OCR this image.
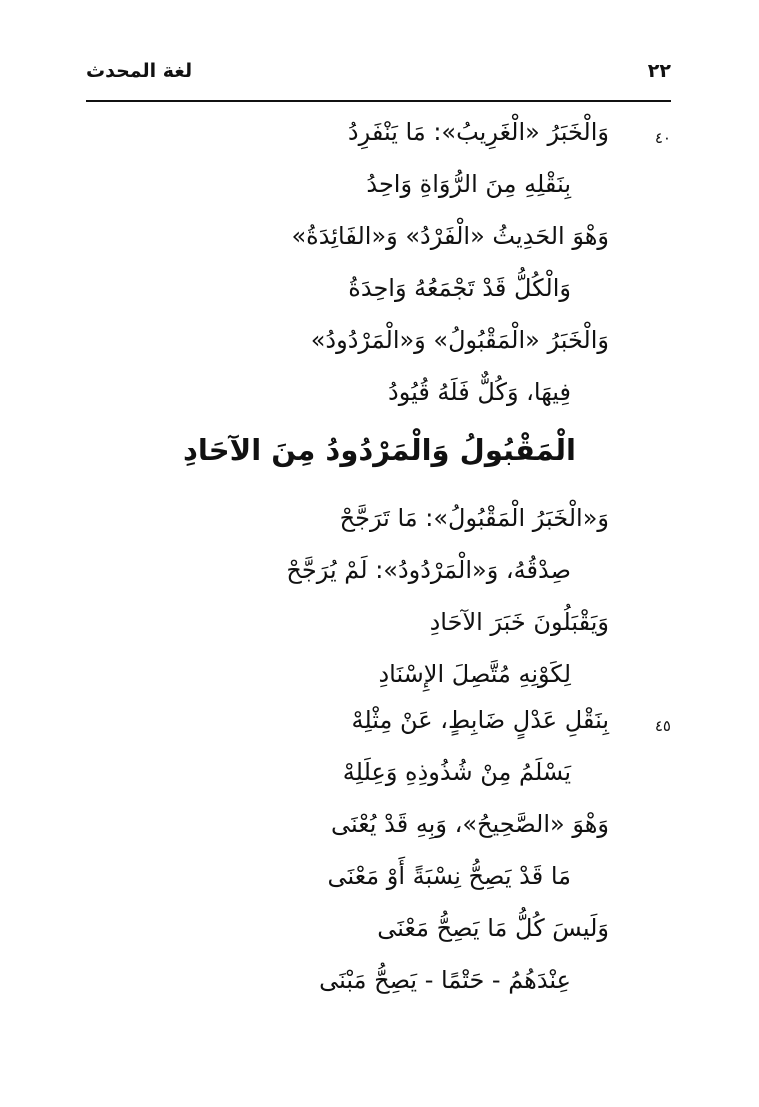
لغة المحدث	٢٢
٤٠
وَالْخَبَرُ «الْغَرِيبُ»: مَا يَنْفَرِدُ
بِنَقْلِهِ مِنَ الرُّوَاةِ وَاحِدُ
وَهْوَ الحَدِيثُ «الْفَرْدُ» وَ«الفَائِدَةُ»
وَالْكُلُّ قَدْ تَجْمَعُهُ وَاحِدَةُ
وَالْخَبَرُ «الْمَقْبُولُ» وَ«الْمَرْدُودُ»
فِيهَا، وَكُلٌّ فَلَهُ قُيُودُ
الْمَقْبُولُ وَالْمَرْدُودُ مِنَ الآحَادِ
وَ«الْخَبَرُ الْمَقْبُولُ»: مَا تَرَجَّحْ
صِدْقُهُ، وَ«الْمَرْدُودُ»: لَمْ يُرَجَّحْ
وَيَقْبَلُونَ خَبَرَ الآحَادِ
لِكَوْنِهِ مُتَّصِلَ الإِسْنَادِ
٤٥
بِنَقْلِ عَدْلٍ ضَابِطٍ، عَنْ مِثْلِهْ
يَسْلَمُ مِنْ شُذُوذِهِ وَعِلَلِهْ
وَهْوَ «الصَّحِيحُ»، وَبِهِ قَدْ يُعْنَى
مَا قَدْ يَصِحُّ نِسْبَةً أَوْ مَعْنَى
وَلَيسَ كُلُّ مَا يَصِحُّ مَعْنَى
عِنْدَهُمُ - حَتْمًا - يَصِحُّ مَبْنَى
